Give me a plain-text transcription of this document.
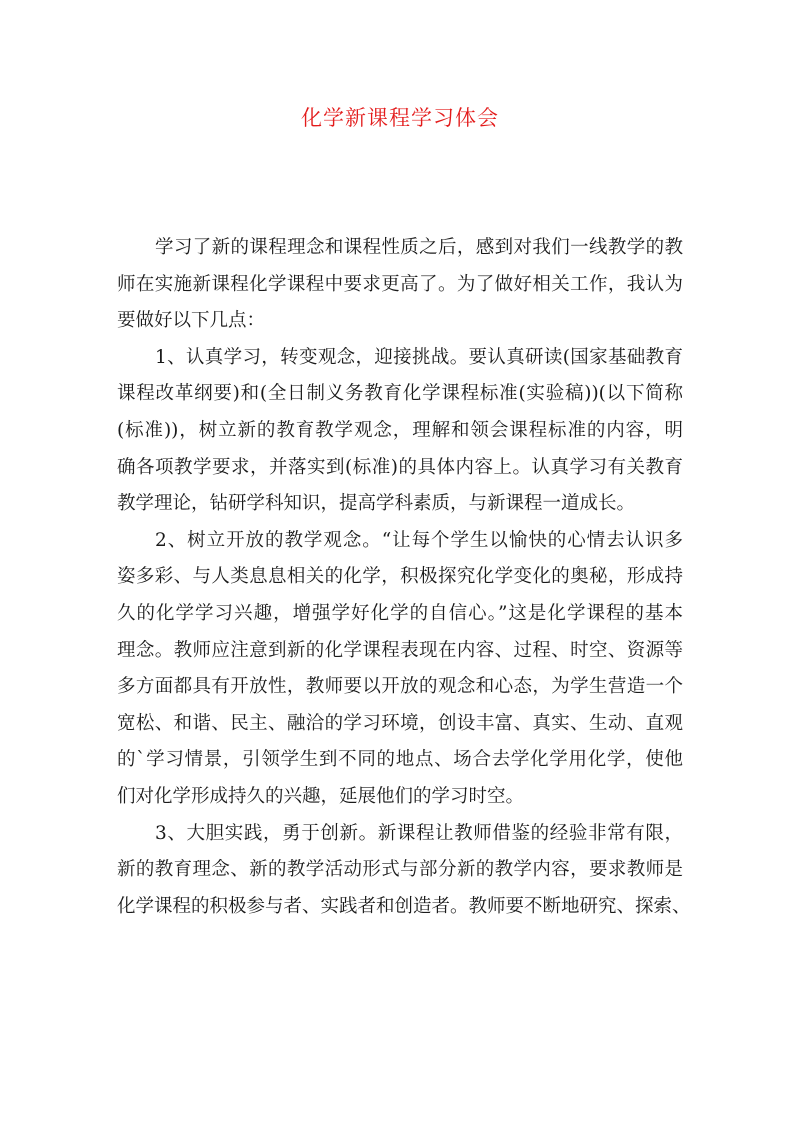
化学新课程学习体会
学习了新的课程理念和课程性质之后，感到对我们一线教学的教
师在实施新课程化学课程中要求更高了。为了做好相关工作，我认为
要做好以下几点：
1、认真学习，转变观念，迎接挑战。要认真研读(国家基础教育
课程改革纲要)和(全日制义务教育化学课程标准(实验稿))(以下简称
(标准))，树立新的教育教学观念，理解和领会课程标准的内容，明
确各项教学要求，并落实到(标准)的具体内容上。认真学习有关教育
教学理论，钻研学科知识，提高学科素质，与新课程一道成长。
2、树立开放的教学观念。“让每个学生以愉快的心情去认识多
姿多彩、与人类息息相关的化学，积极探究化学变化的奥秘，形成持
久的化学学习兴趣，增强学好化学的自信心。”这是化学课程的基本
理念。教师应注意到新的化学课程表现在内容、过程、时空、资源等
多方面都具有开放性，教师要以开放的观念和心态，为学生营造一个
宽松、和谐、民主、融洽的学习环境，创设丰富、真实、生动、直观
的`学习情景，引领学生到不同的地点、场合去学化学用化学，使他
们对化学形成持久的兴趣，延展他们的学习时空。
3、大胆实践，勇于创新。新课程让教师借鉴的经验非常有限，
新的教育理念、新的教学活动形式与部分新的教学内容，要求教师是
化学课程的积极参与者、实践者和创造者。教师要不断地研究、探索、
